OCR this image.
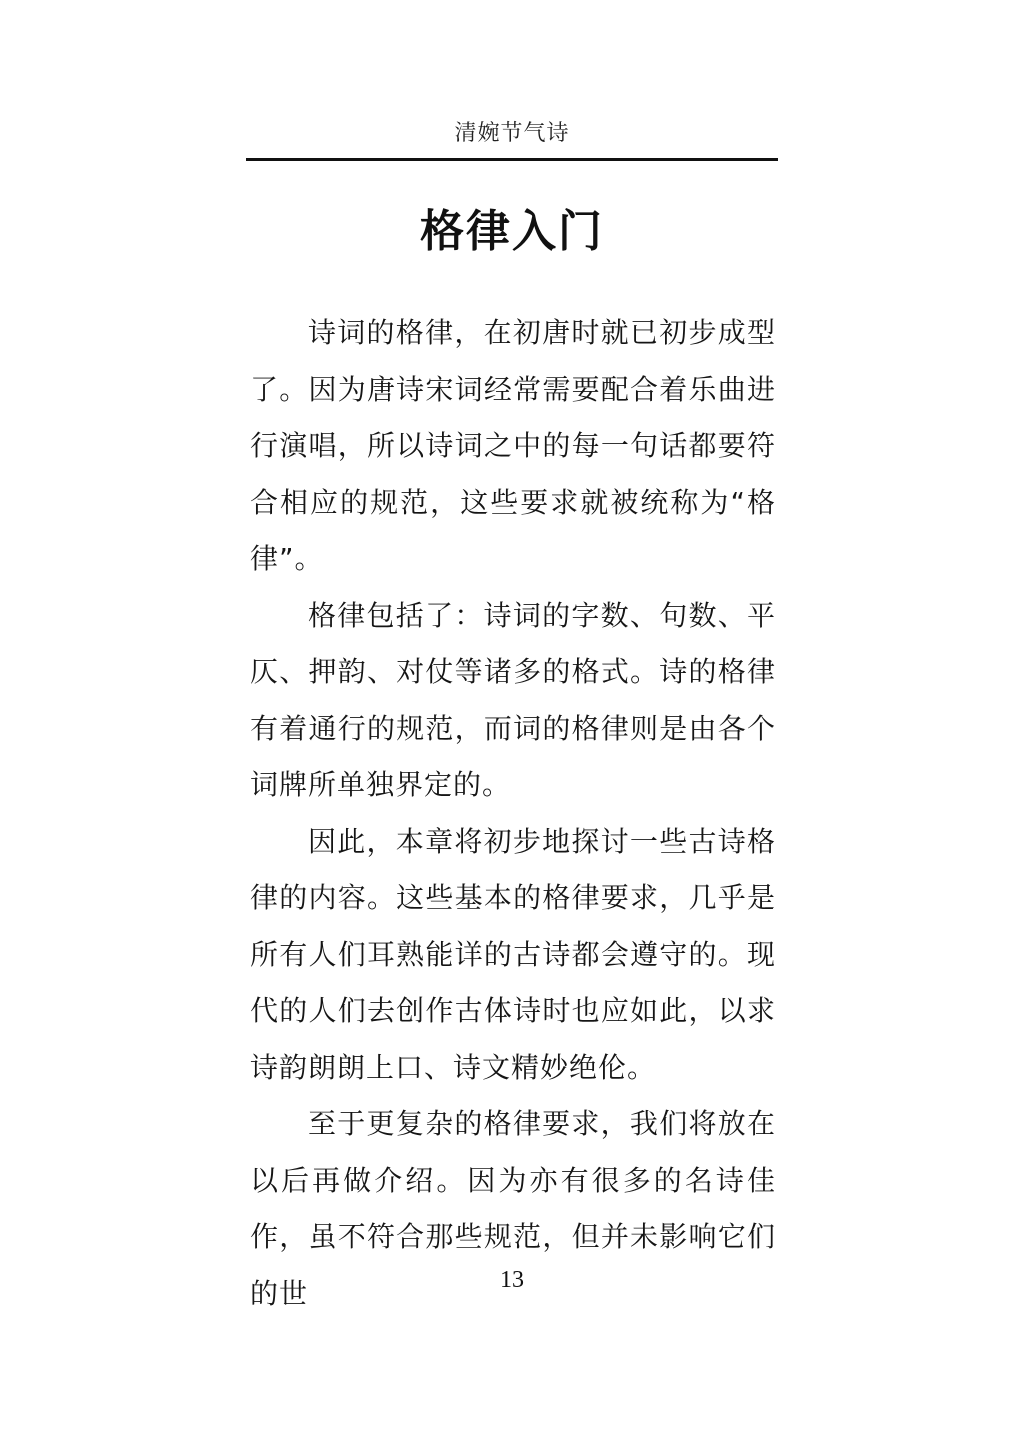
清婉节气诗
格律入门

诗词的格律，在初唐时就已初步成型了。因为唐诗宋词经常需要配合着乐曲进行演唱，所以诗词之中的每一句话都要符合相应的规范，这些要求就被统称为“格律”。

格律包括了：诗词的字数、句数、平仄、押韵、对仗等诸多的格式。诗的格律有着通行的规范，而词的格律则是由各个词牌所单独界定的。

因此，本章将初步地探讨一些古诗格律的内容。这些基本的格律要求，几乎是所有人们耳熟能详的古诗都会遵守的。现代的人们去创作古体诗时也应如此，以求诗韵朗朗上口、诗文精妙绝伦。

至于更复杂的格律要求，我们将放在以后再做介绍。因为亦有很多的名诗佳作，虽不符合那些规范，但并未影响它们的世	13
